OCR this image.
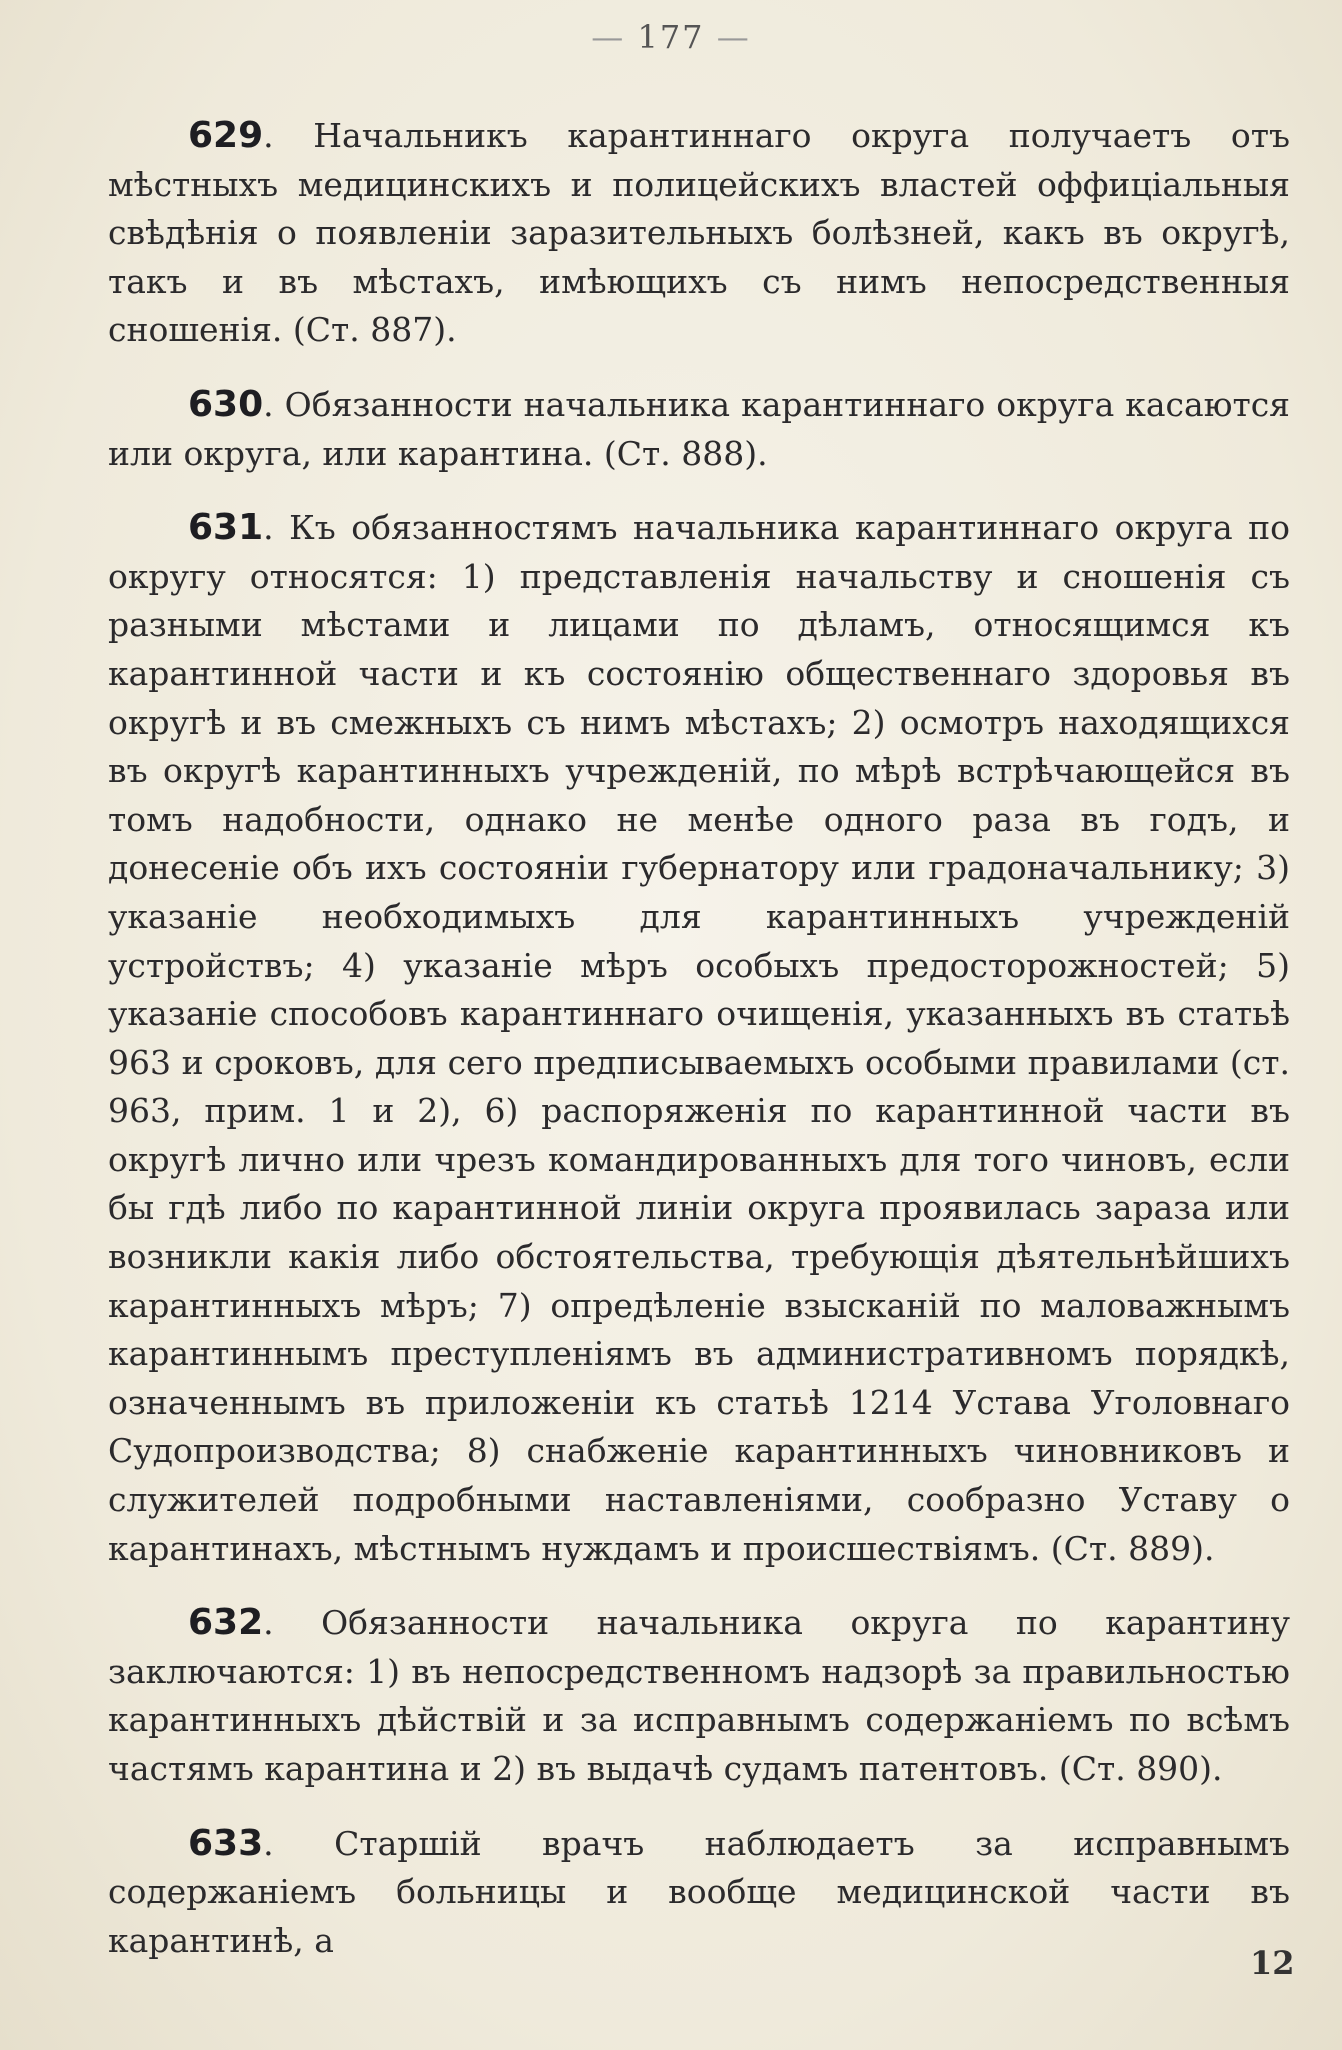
— 177 —

629. Начальникъ карантиннаго округа получаетъ отъ мѣстныхъ медицинскихъ и полицейскихъ властей оффиціальныя свѣдѣнія о появленіи заразительныхъ болѣзней, какъ въ округѣ, такъ и въ мѣстахъ, имѣющихъ съ нимъ непосредственныя сношенія. (Ст. 887).

630. Обязанности начальника карантиннаго округа касаются или округа, или карантина. (Ст. 888).

631. Къ обязанностямъ начальника карантиннаго округа по округу относятся: 1) представленія начальству и сношенія съ разными мѣстами и лицами по дѣламъ, относящимся къ карантинной части и къ состоянію общественнаго здоровья въ округѣ и въ смежныхъ съ нимъ мѣстахъ; 2) осмотръ находящихся въ округѣ карантинныхъ учрежденій, по мѣрѣ встрѣчающейся въ томъ надобности, однако не менѣе одного раза въ годъ, и донесеніе объ ихъ состояніи губернатору или градоначальнику; 3) указаніе необходимыхъ для карантинныхъ учрежденій устройствъ; 4) указаніе мѣръ особыхъ предосторожностей; 5) указаніе способовъ карантиннаго очищенія, указанныхъ въ статьѣ 963 и сроковъ, для сего предписываемыхъ особыми правилами (ст. 963, прим. 1 и 2), 6) распоряженія по карантинной части въ округѣ лично или чрезъ командированныхъ для того чиновъ, если бы гдѣ либо по карантинной линіи округа проявилась зараза или возникли какія либо обстоятельства, требующія дѣятельнѣйшихъ карантинныхъ мѣръ; 7) опредѣленіе взысканій по маловажнымъ карантиннымъ преступленіямъ въ административномъ порядкѣ, означеннымъ въ приложеніи къ статьѣ 1214 Устава Уголовнаго Судопроизводства; 8) снабженіе карантинныхъ чиновниковъ и служителей подробными наставленіями, сообразно Уставу о карантинахъ, мѣстнымъ нуждамъ и происшествіямъ. (Ст. 889).

632. Обязанности начальника округа по карантину заключаются: 1) въ непосредственномъ надзорѣ за правильностью карантинныхъ дѣйствій и за исправнымъ содержаніемъ по всѣмъ частямъ карантина и 2) въ выдачѣ судамъ патентовъ. (Ст. 890).

633. Старшій врачъ наблюдаетъ за исправнымъ содержаніемъ больницы и вообще медицинской части въ карантинѣ, а

12
